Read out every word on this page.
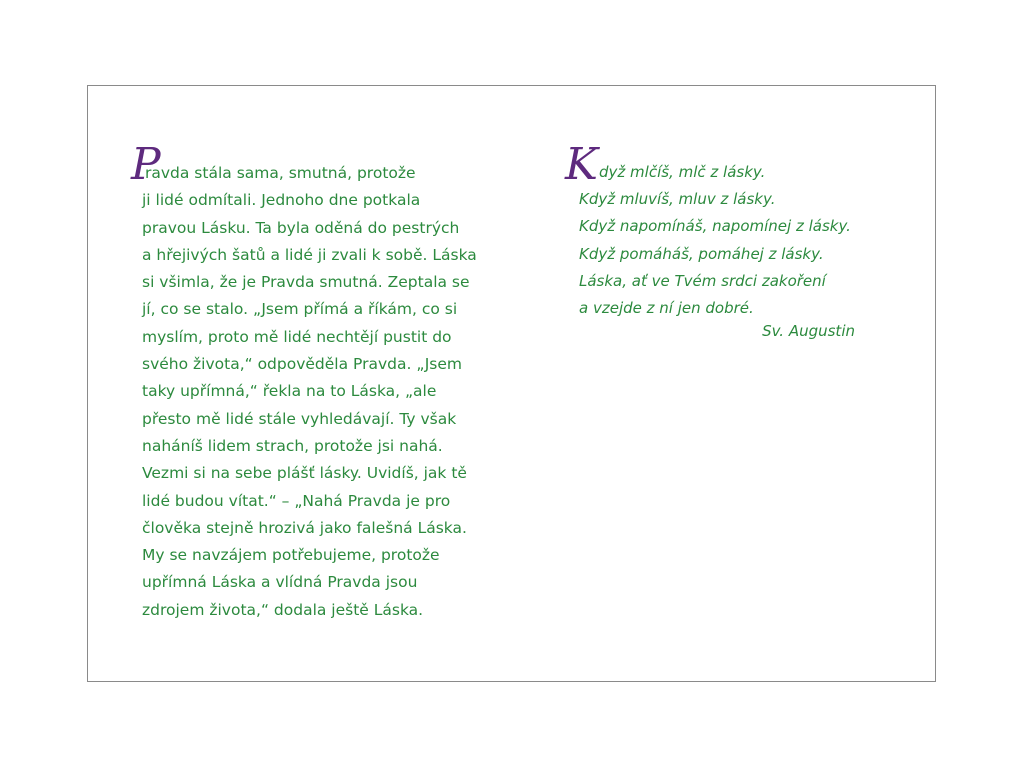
P
ravda stála sama, smutná, protože
ji lidé odmítali. Jednoho dne potkala
pravou Lásku. Ta byla oděná do pestrých
a hřejivých šatů a lidé ji zvali k sobě. Láska
si všimla, že je Pravda smutná. Zeptala se
jí, co se stalo. „Jsem přímá a říkám, co si
myslím, proto mě lidé nechtějí pustit do
svého života,“ odpověděla Pravda. „Jsem
taky upřímná,“ řekla na to Láska, „ale
přesto mě lidé stále vyhledávají. Ty však
naháníš lidem strach, protože jsi nahá.
Vezmi si na sebe plášť lásky. Uvidíš, jak tě
lidé budou vítat.“ – „Nahá Pravda je pro
člověka stejně hrozivá jako falešná Láska.
My se navzájem potřebujeme, protože
upřímná Láska a vlídná Pravda jsou
zdrojem života,“ dodala ještě Láska.
K dyž mlčíš, mlč z lásky.
Když mluvíš, mluv z lásky.
Když napomínáš, napomínej z lásky.
Když pomáháš, pomáhej z lásky.
Láska, ať ve Tvém srdci zakoření
a vzejde z ní jen dobré.
Sv. Augustin
